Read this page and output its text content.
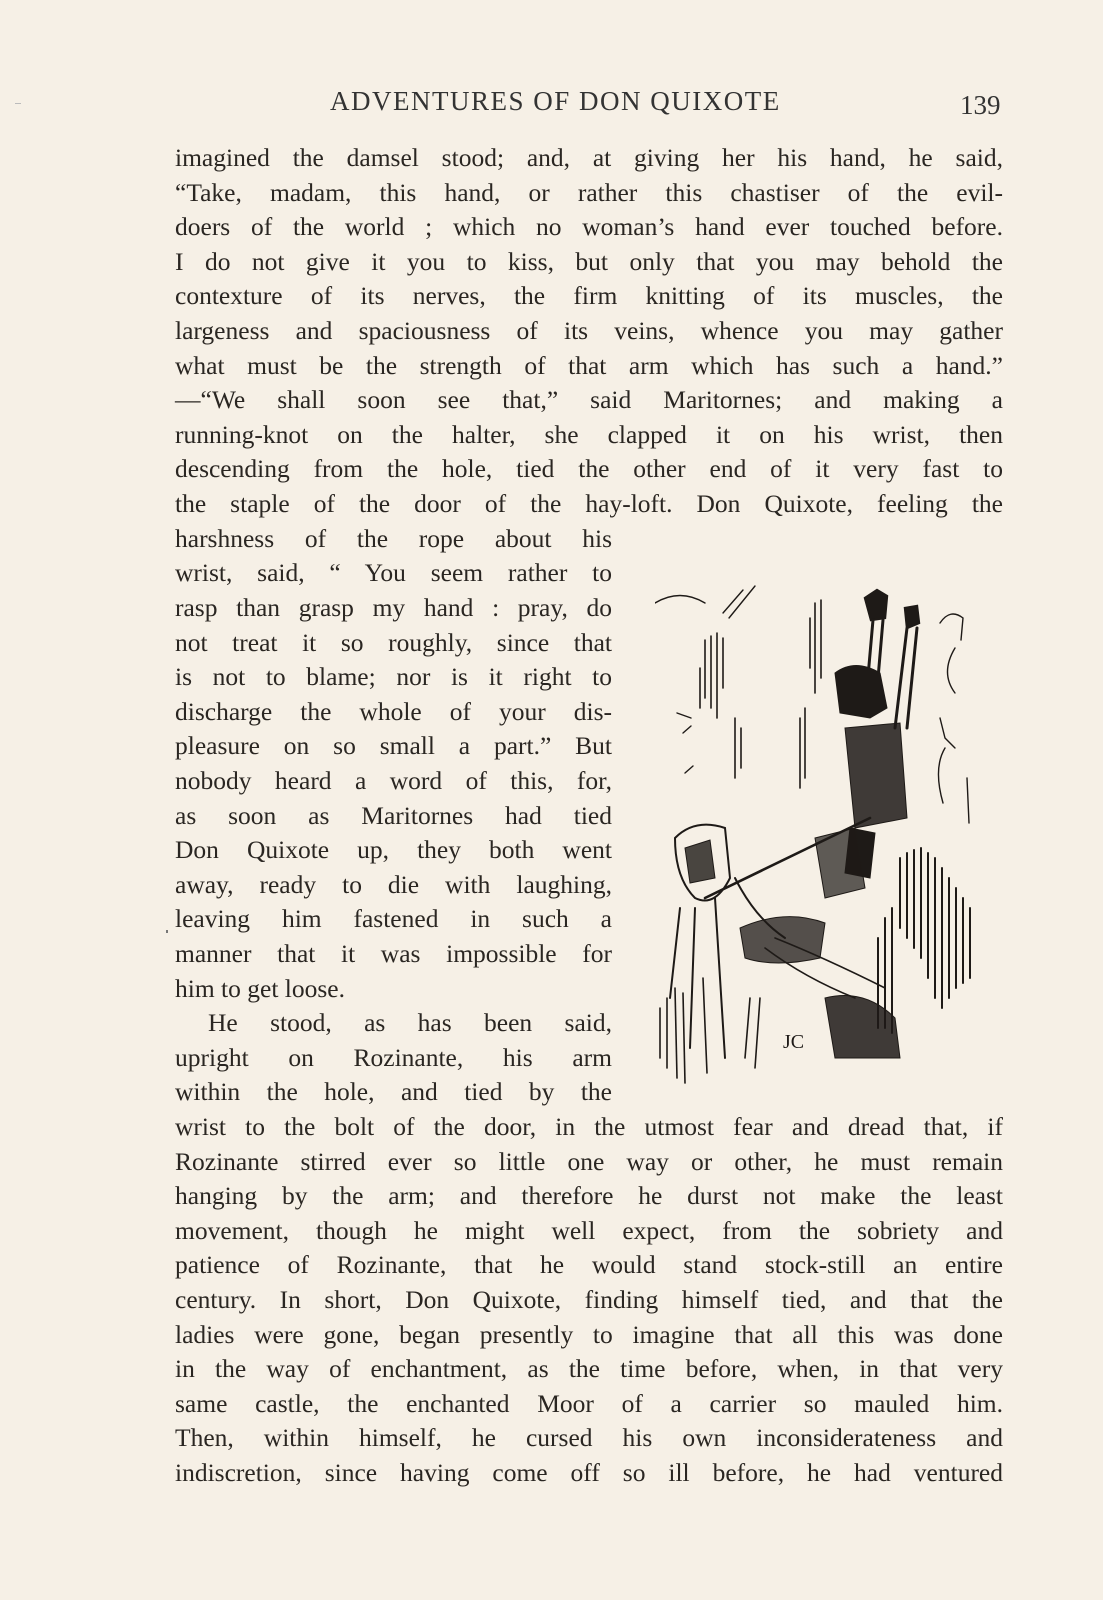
ADVENTURES OF DON QUIXOTE	139
imagined the damsel stood; and, at giving her his hand, he said,
“Take, madam, this hand, or rather this chastiser of the evil-
doers of the world ; which no woman’s hand ever touched before.
I do not give it you to kiss, but only that you may behold the
contexture of its nerves, the firm knitting of its muscles, the
largeness and spaciousness of its veins, whence you may gather
what must be the strength of that arm which has such a hand.”
—“We shall soon see that,” said Maritornes; and making a
running-knot on the halter, she clapped it on his wrist, then
descending from the hole, tied the other end of it very fast to
the staple of the door of the hay-loft. Don Quixote, feeling the
harshness of the rope about his
wrist, said, “ You seem rather to
rasp than grasp my hand : pray, do
not treat it so roughly, since that
is not to blame; nor is it right to
discharge the whole of your dis-
pleasure on so small a part.” But
nobody heard a word of this, for,
as soon as Maritornes had tied
Don Quixote up, they both went
away, ready to die with laughing,
leaving him fastened in such a
manner that it was impossible for
him to get loose.
He stood, as has been said,
upright on Rozinante, his arm
within the hole, and tied by the
wrist to the bolt of the door, in the utmost fear and dread that, if
Rozinante stirred ever so little one way or other, he must remain
hanging by the arm; and therefore he durst not make the least
movement, though he might well expect, from the sobriety and
patience of Rozinante, that he would stand stock-still an entire
century. In short, Don Quixote, finding himself tied, and that the
ladies were gone, began presently to imagine that all this was done
in the way of enchantment, as the time before, when, in that very
same castle, the enchanted Moor of a carrier so mauled him.
Then, within himself, he cursed his own inconsiderateness and
indiscretion, since having come off so ill before, he had ventured
JC
